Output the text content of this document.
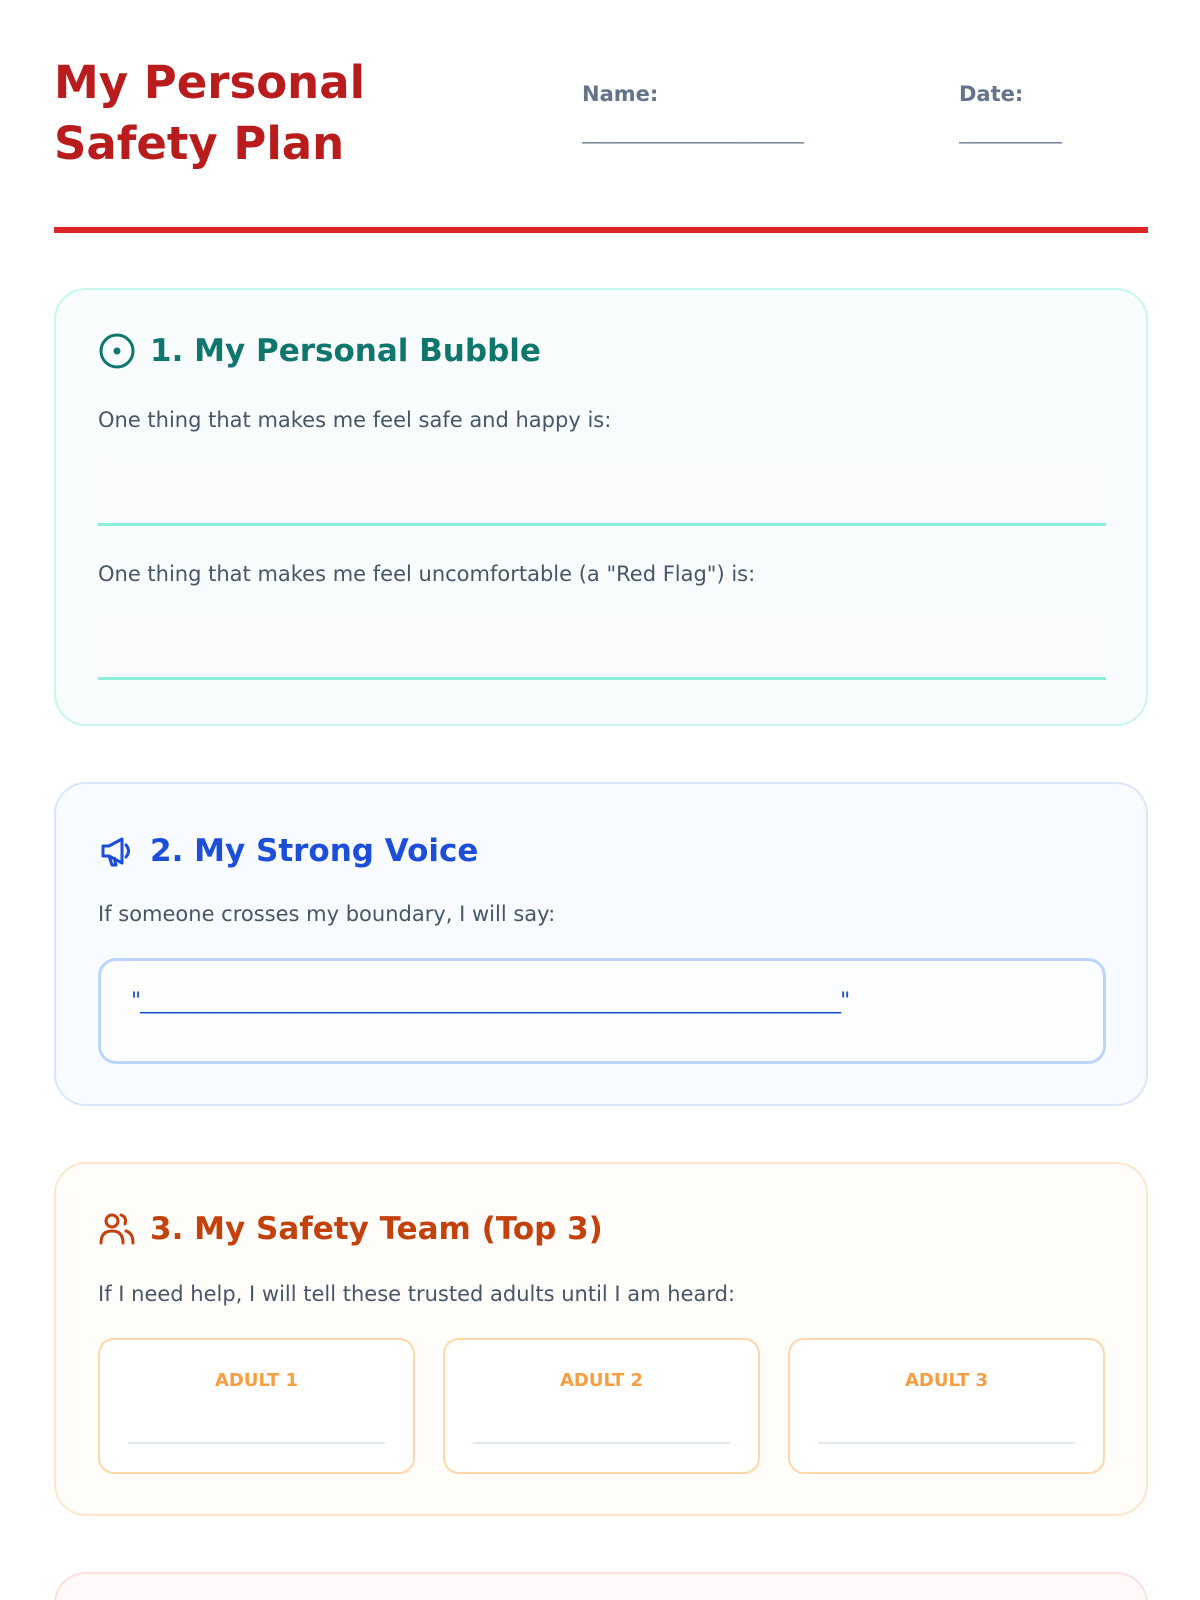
My Personal Safety Plan
Name:
__________________________
Date:
____________
1. My Personal Bubble
One thing that makes me feel safe and happy is:
One thing that makes me feel uncomfortable (a "Red Flag") is:
2. My Strong Voice
If someone crosses my boundary, I will say:
"______________________________________________________________________"
3. My Safety Team (Top 3)
If I need help, I will tell these trusted adults until I am heard:
ADULT 1	ADULT 2	ADULT 3
